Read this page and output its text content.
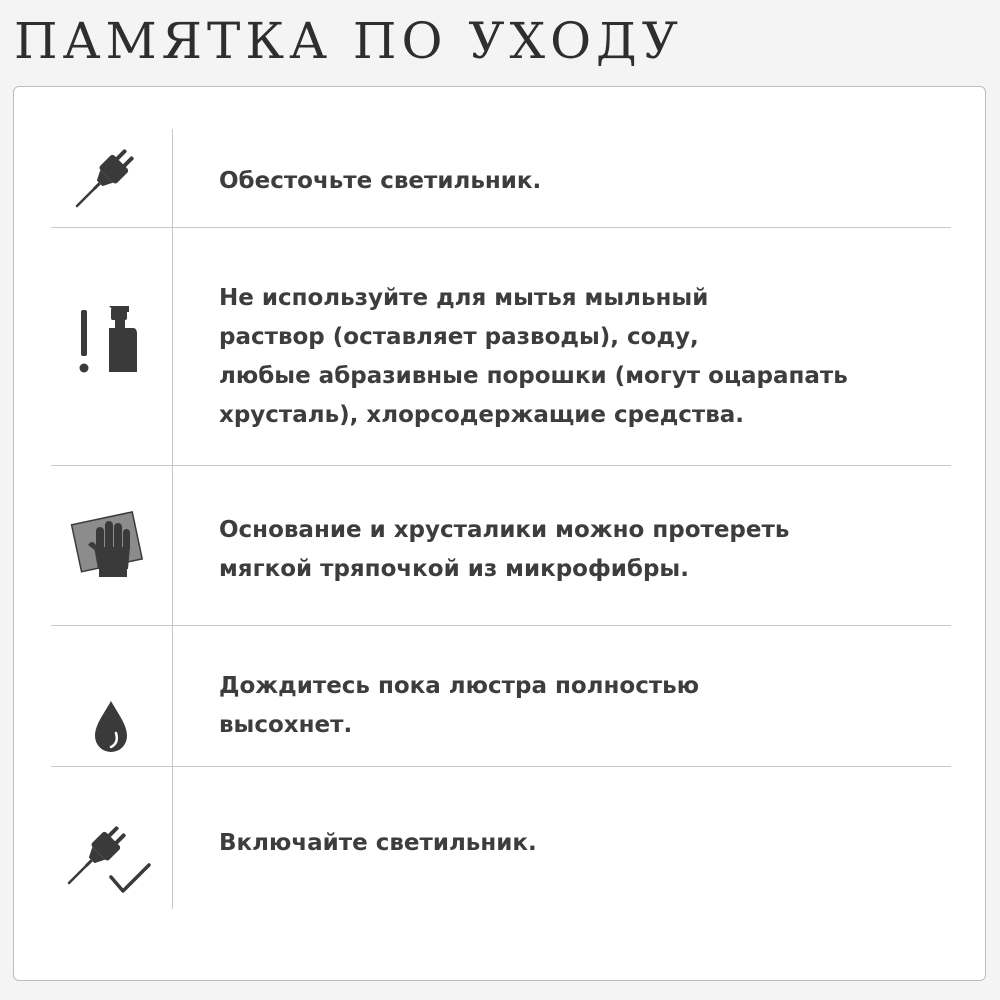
ПАМЯТКА ПО УХОДУ
Обесточьте светильник.
Не используйте для мытья мыльный
раствор (оставляет разводы), соду,
любые абразивные порошки (могут оцарапать
хрусталь), хлорсодержащие средства.
Основание и хрусталики можно протереть
мягкой тряпочкой из микрофибры.
Дождитесь пока люстра полностью
высохнет.
Включайте светильник.
